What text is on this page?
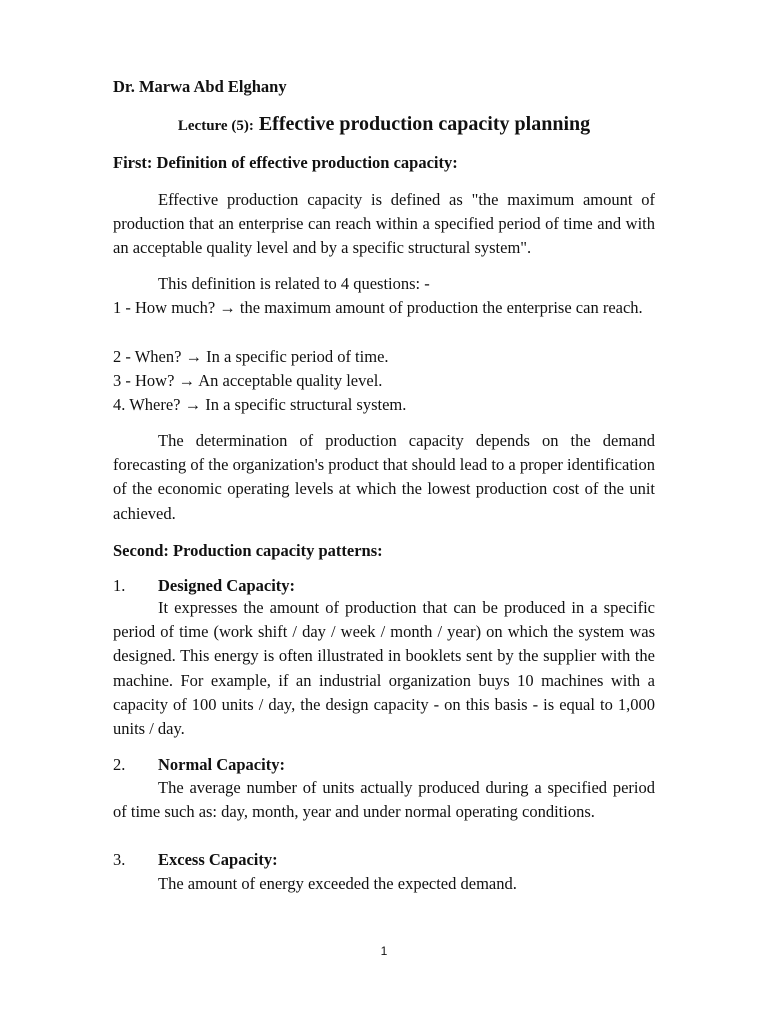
Dr. Marwa Abd Elghany
Lecture (5): Effective production capacity planning
First: Definition of effective production capacity:
Effective production capacity is defined as "the maximum amount of production that an enterprise can reach within a specified period of time and with an acceptable quality level and by a specific structural system".
This definition is related to 4 questions: -
1 - How much? → the maximum amount of production the enterprise can reach.
2 - When? → In a specific period of time.
3 - How? → An acceptable quality level.
4. Where? → In a specific structural system.
The determination of production capacity depends on the demand forecasting of the organization's product that should lead to a proper identification of the economic operating levels at which the lowest production cost of the unit achieved.
Second: Production capacity patterns:
1. Designed Capacity:
It expresses the amount of production that can be produced in a specific period of time (work shift / day / week / month / year) on which the system was designed. This energy is often illustrated in booklets sent by the supplier with the machine. For example, if an industrial organization buys 10 machines with a capacity of 100 units / day, the design capacity - on this basis - is equal to 1,000 units / day.
2. Normal Capacity:
The average number of units actually produced during a specified period of time such as: day, month, year and under normal operating conditions.
3. Excess Capacity:
The amount of energy exceeded the expected demand.
1
